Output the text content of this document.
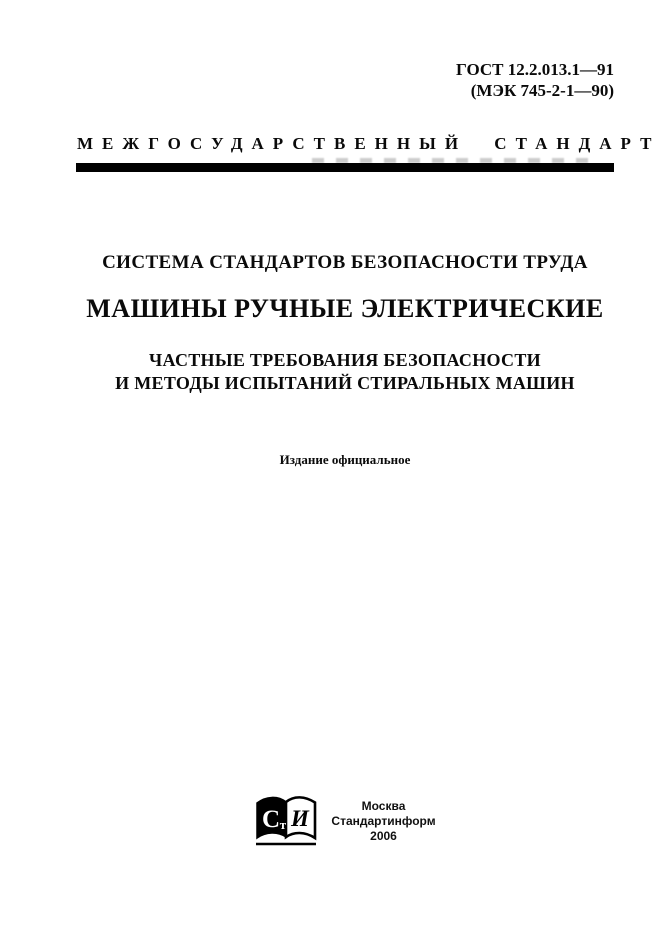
ГОСТ 12.2.013.1—91
(МЭК 745-2-1—90)
МЕЖГОСУДАРСТВЕННЫЙ СТАНДАРТ
СИСТЕМА СТАНДАРТОВ БЕЗОПАСНОСТИ ТРУДА
МАШИНЫ РУЧНЫЕ ЭЛЕКТРИЧЕСКИЕ
ЧАСТНЫЕ ТРЕБОВАНИЯ БЕЗОПАСНОСТИ
И МЕТОДЫ ИСПЫТАНИЙ СТИРАЛЬНЫХ МАШИН
Издание официальное
С т И
Москва
Стандартинформ
2006
